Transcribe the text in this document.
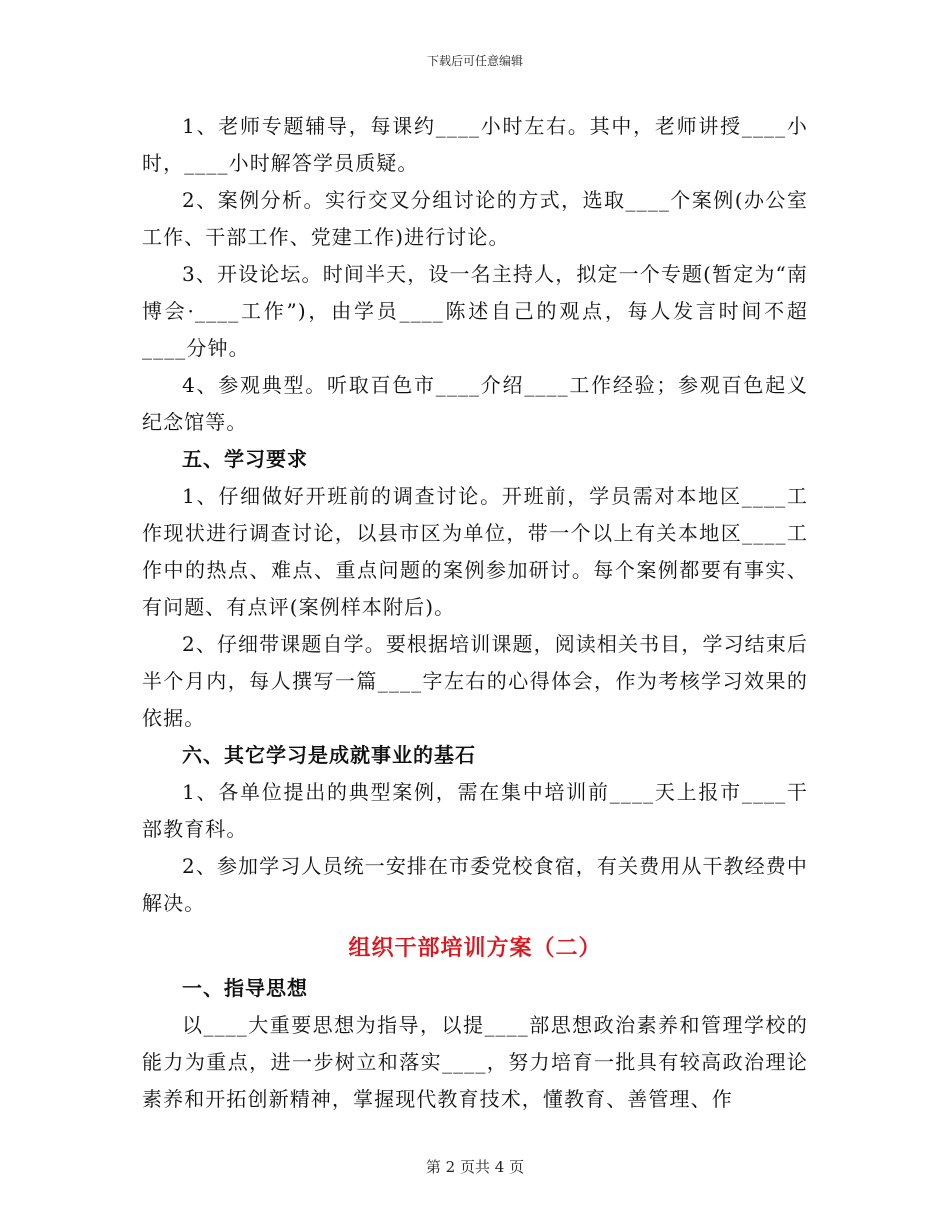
下载后可任意编辑

1、老师专题辅导，每课约____小时左右。其中，老师讲授____小时，____小时解答学员质疑。

2、案例分析。实行交叉分组讨论的方式，选取____个案例(办公室工作、干部工作、党建工作)进行讨论。

3、开设论坛。时间半天，设一名主持人，拟定一个专题(暂定为“南博会·____工作”)，由学员____陈述自己的观点，每人发言时间不超____分钟。

4、参观典型。听取百色市____介绍____工作经验；参观百色起义纪念馆等。

五、学习要求

1、仔细做好开班前的调查讨论。开班前，学员需对本地区____工作现状进行调查讨论，以县市区为单位，带一个以上有关本地区____工作中的热点、难点、重点问题的案例参加研讨。每个案例都要有事实、有问题、有点评(案例样本附后)。

2、仔细带课题自学。要根据培训课题，阅读相关书目，学习结束后半个月内，每人撰写一篇____字左右的心得体会，作为考核学习效果的依据。

六、其它学习是成就事业的基石

1、各单位提出的典型案例，需在集中培训前____天上报市____干部教育科。

2、参加学习人员统一安排在市委党校食宿，有关费用从干教经费中解决。

组织干部培训方案（二）

一、指导思想

以____大重要思想为指导，以提____部思想政治素养和管理学校的能力为重点，进一步树立和落实____，努力培育一批具有较高政治理论素养和开拓创新精神，掌握现代教育技术，懂教育、善管理、作

第 2 页共 4 页
